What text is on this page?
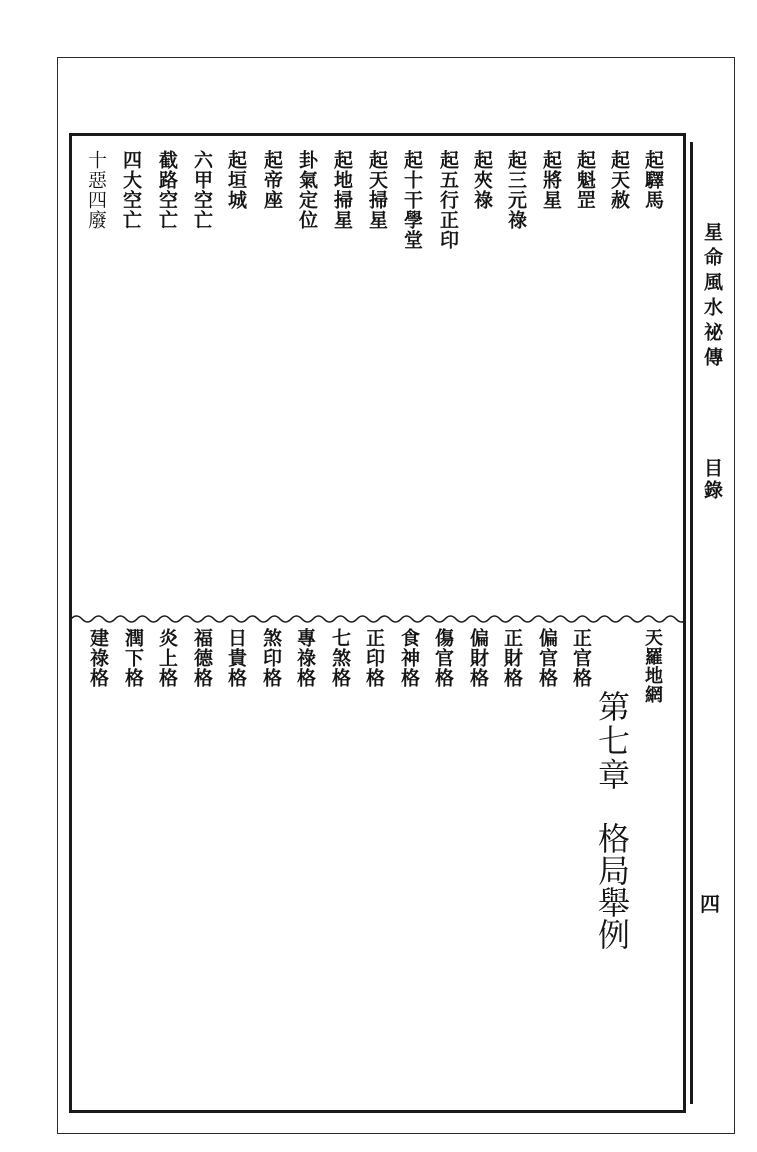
星命風水祕傳
目錄
四
起驛馬
起天赦
起魁罡
起將星
起三元祿
起夾祿
起五行正印
起十干學堂
起天掃星
起地掃星
卦氣定位
起帝座
起垣城
六甲空亡
截路空亡
四大空亡
十惡四廢
天羅地網
第七章格局舉例
正官格
偏官格
正財格
偏財格
傷官格
食神格
正印格
七煞格
專祿格
煞印格
日貴格
福德格
炎上格
潤下格
建祿格
